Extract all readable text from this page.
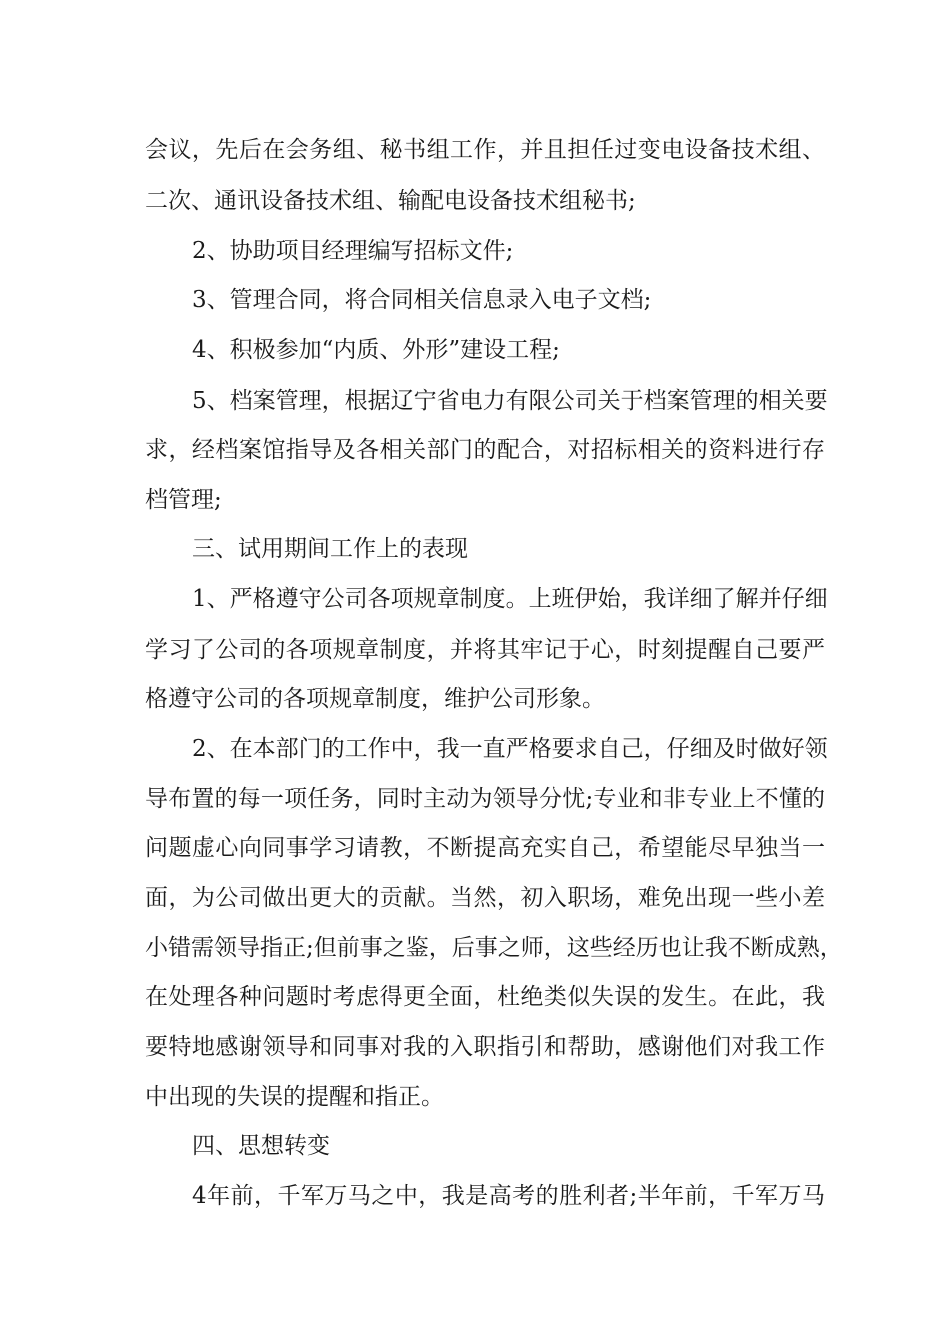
会议，先后在会务组、秘书组工作，并且担任过变电设备技术组、
二次、通讯设备技术组、输配电设备技术组秘书;
2、协助项目经理编写招标文件;
3、管理合同，将合同相关信息录入电子文档;
4、积极参加“内质、外形”建设工程;
5、档案管理，根据辽宁省电力有限公司关于档案管理的相关要
求，经档案馆指导及各相关部门的配合，对招标相关的资料进行存
档管理;
三、试用期间工作上的表现
1、严格遵守公司各项规章制度。上班伊始，我详细了解并仔细
学习了公司的各项规章制度，并将其牢记于心，时刻提醒自己要严
格遵守公司的各项规章制度，维护公司形象。
2、在本部门的工作中，我一直严格要求自己，仔细及时做好领
导布置的每一项任务，同时主动为领导分忧;专业和非专业上不懂的
问题虚心向同事学习请教，不断提高充实自己，希望能尽早独当一
面，为公司做出更大的贡献。当然，初入职场，难免出现一些小差
小错需领导指正;但前事之鉴，后事之师，这些经历也让我不断成熟，
在处理各种问题时考虑得更全面，杜绝类似失误的发生。在此，我
要特地感谢领导和同事对我的入职指引和帮助，感谢他们对我工作
中出现的失误的提醒和指正。
四、思想转变
4年前，千军万马之中，我是高考的胜利者;半年前，千军万马
